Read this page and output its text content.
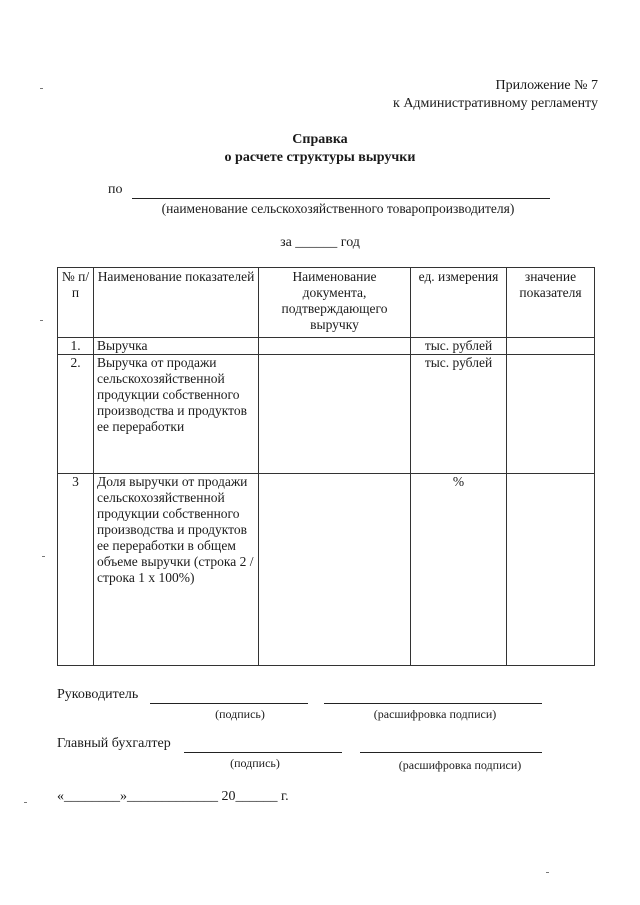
Приложение № 7
к Административному регламенту
Справка
о расчете структуры выручки
по
(наименование сельскохозяйственного товаропроизводителя)
за ______ год
№ п/п	Наименование показателей	Наименование документа, подтверждающего выручку	ед. измерения	значение показателя
1.	Выручка		тыс. рублей	
2.	Выручка от продажи сельскохозяйственной продукции собственного производства и продуктов ее переработки		тыс. рублей	
3	Доля выручки от продажи сельскохозяйственной продукции собственного производства и продуктов ее переработки в общем объеме выручки (строка 2 / строка 1 x 100%)		%	
Руководитель
(подпись)	(расшифровка подписи)
Главный бухгалтер
(подпись)	(расшифровка подписи)
«________»_____________ 20______ г.
